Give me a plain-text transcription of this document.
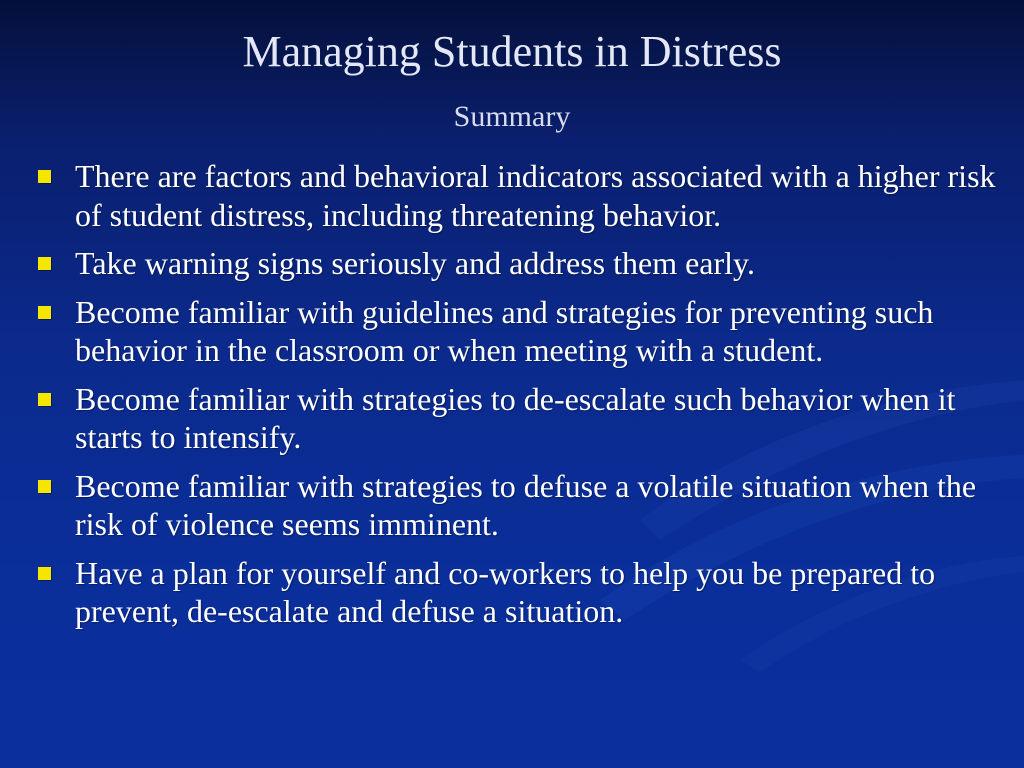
Managing Students in Distress
Summary
There are factors and behavioral indicators associated with a higher risk of student distress, including threatening behavior.
Take warning signs seriously and address them early.
Become familiar with guidelines and strategies for preventing such behavior in the classroom or when meeting with a student.
Become familiar with strategies to de-escalate such behavior when it starts to intensify.
Become familiar with strategies to defuse a volatile situation when the risk of violence seems imminent.
Have a plan for yourself and co-workers to help you be prepared to prevent, de-escalate and defuse a situation.
